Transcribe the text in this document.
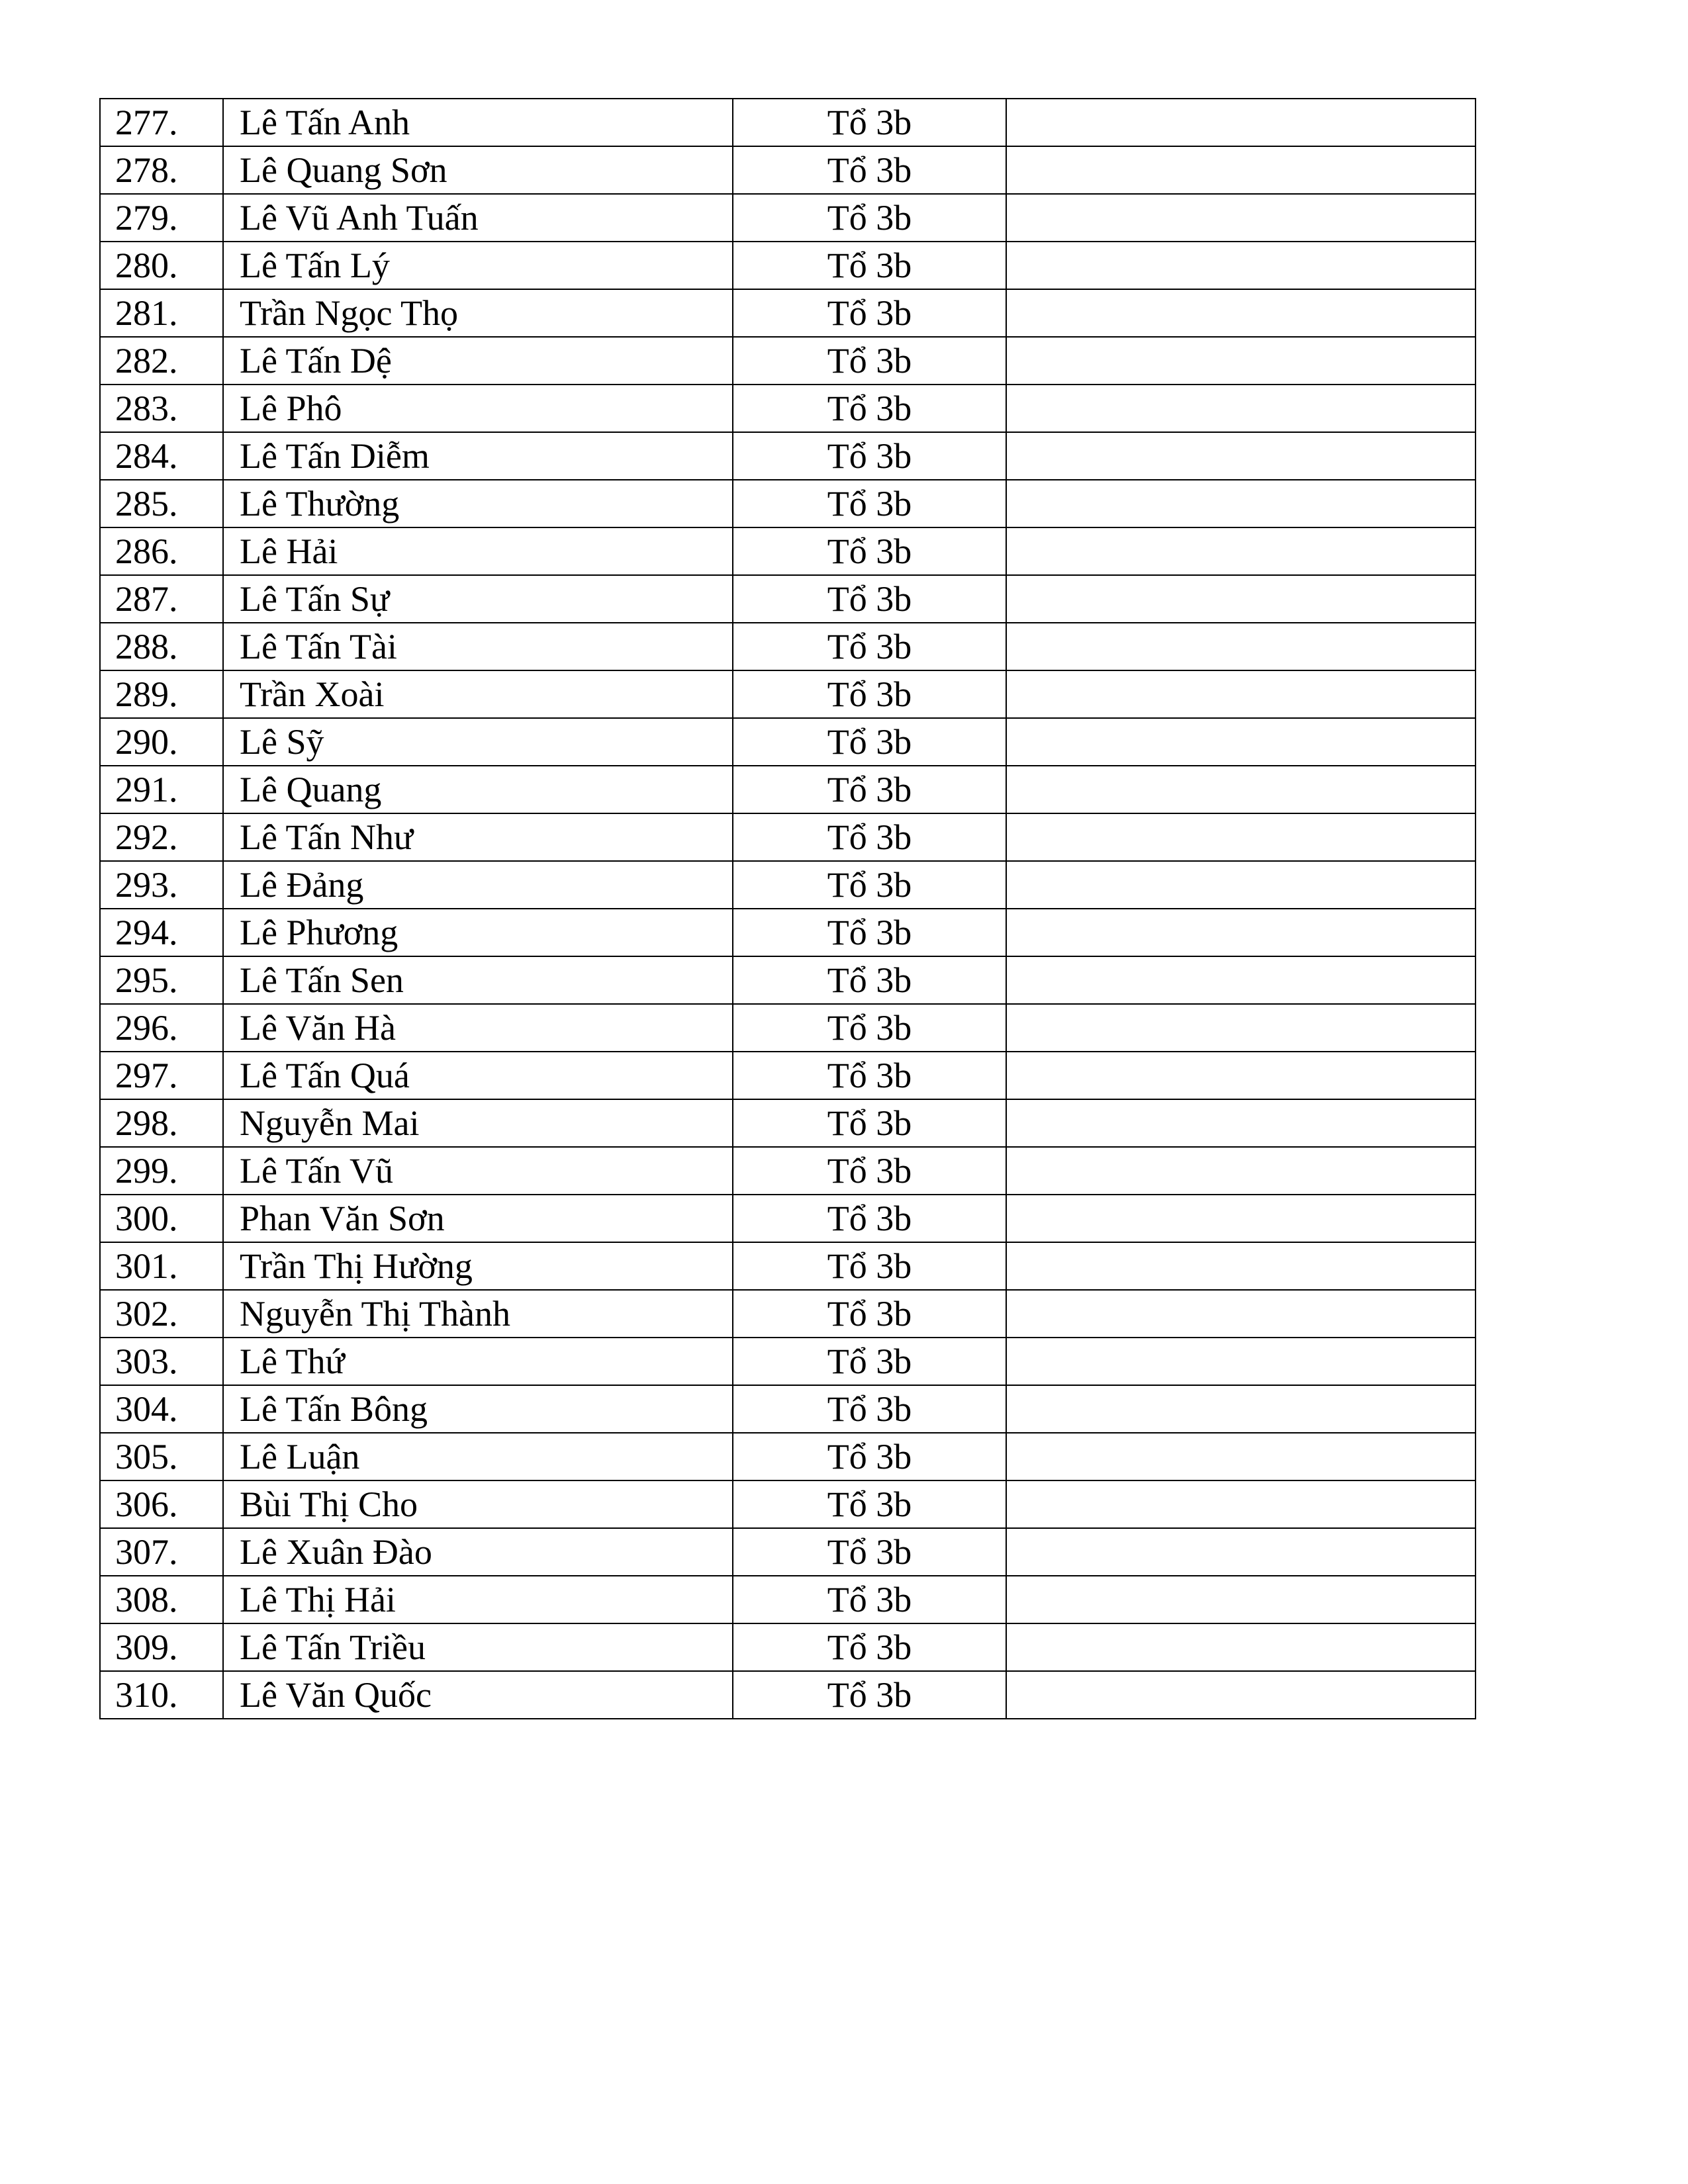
277.	Lê Tấn Anh	Tổ 3b	
278.	Lê Quang Sơn	Tổ 3b	
279.	Lê Vũ Anh Tuấn	Tổ 3b	
280.	Lê Tấn Lý	Tổ 3b	
281.	Trần Ngọc Thọ	Tổ 3b	
282.	Lê Tấn Dệ	Tổ 3b	
283.	Lê Phô	Tổ 3b	
284.	Lê Tấn Diễm	Tổ 3b	
285.	Lê Thường	Tổ 3b	
286.	Lê Hải	Tổ 3b	
287.	Lê Tấn Sự	Tổ 3b	
288.	Lê Tấn Tài	Tổ 3b	
289.	Trần Xoài	Tổ 3b	
290.	Lê Sỹ	Tổ 3b	
291.	Lê Quang	Tổ 3b	
292.	Lê Tấn Như	Tổ 3b	
293.	Lê Đảng	Tổ 3b	
294.	Lê Phương	Tổ 3b	
295.	Lê Tấn Sen	Tổ 3b	
296.	Lê Văn Hà	Tổ 3b	
297.	Lê Tấn Quá	Tổ 3b	
298.	Nguyễn Mai	Tổ 3b	
299.	Lê Tấn Vũ	Tổ 3b	
300.	Phan Văn Sơn	Tổ 3b	
301.	Trần Thị Hường	Tổ 3b	
302.	Nguyễn Thị Thành	Tổ 3b	
303.	Lê Thứ	Tổ 3b	
304.	Lê Tấn Bông	Tổ 3b	
305.	Lê Luận	Tổ 3b	
306.	Bùi Thị Cho	Tổ 3b	
307.	Lê Xuân Đào	Tổ 3b	
308.	Lê Thị Hải	Tổ 3b	
309.	Lê Tấn Triều	Tổ 3b	
310.	Lê Văn Quốc	Tổ 3b	
